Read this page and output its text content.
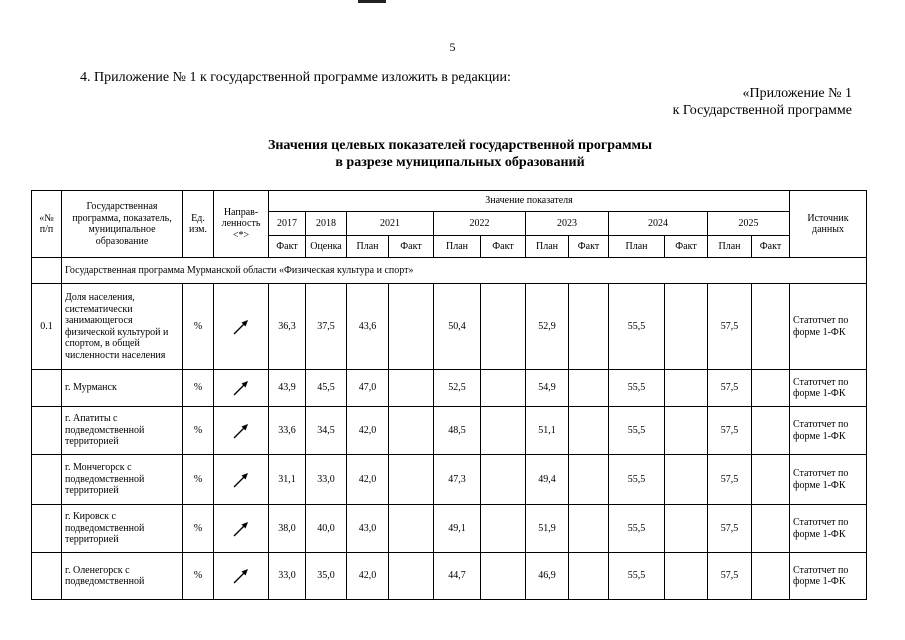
5
4. Приложение № 1 к государственной программе изложить в редакции:
«Приложение № 1
к Государственной программе
Значения целевых показателей государственной программы
в разрезе муниципальных образований
«№ п/п	Государственная программа, показатель, муниципальное образование	Ед. изм.	Направ-ленность <*>	Значение показателя												Источник данных
				2017	2018	2021		2022		2023		2024		2025		
				Факт	Оценка	План	Факт	План	Факт	План	Факт	План	Факт	План	Факт	
	Государственная программа Мурманской области «Физическая культура и спорт»															
0.1	Доля населения, систематически занимающегося физической культурой и спортом, в общей численности населения	%		36,3	37,5	43,6		50,4		52,9		55,5		57,5		Статотчет по форме 1-ФК
	г. Мурманск	%		43,9	45,5	47,0		52,5		54,9		55,5		57,5		Статотчет по форме 1-ФК
	г. Апатиты с подведомственной территорией	%		33,6	34,5	42,0		48,5		51,1		55,5		57,5		Статотчет по форме 1-ФК
	г. Мончегорск с подведомственной территорией	%		31,1	33,0	42,0		47,3		49,4		55,5		57,5		Статотчет по форме 1-ФК
	г. Кировск с подведомственной территорией	%		38,0	40,0	43,0		49,1		51,9		55,5		57,5		Статотчет по форме 1-ФК
	г. Оленегорск с подведомственной	%		33,0	35,0	42,0		44,7		46,9		55,5		57,5		Статотчет по форме 1-ФК
